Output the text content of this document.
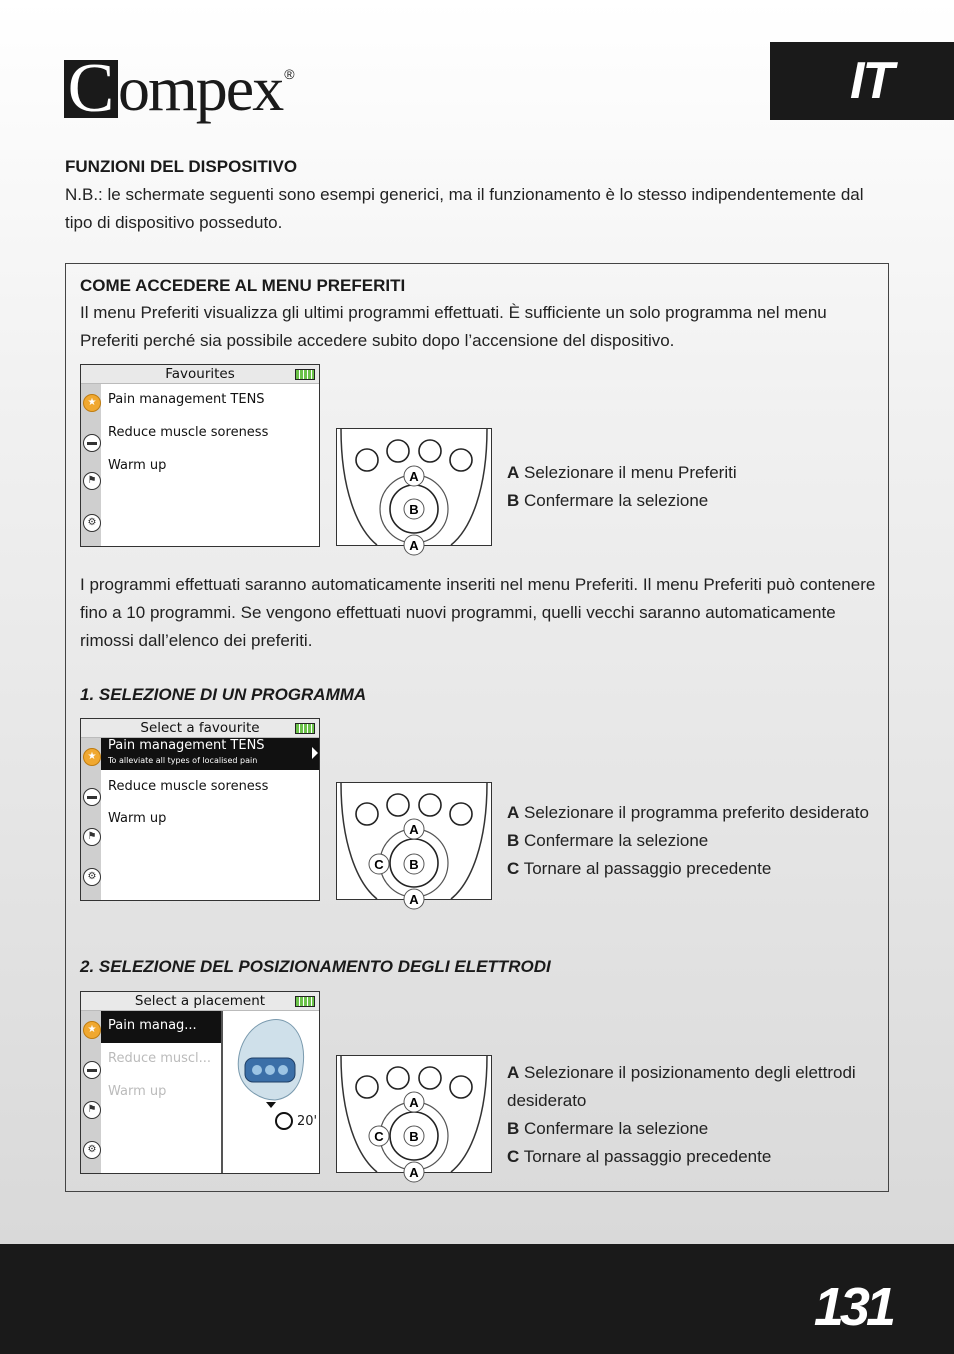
C ompex ®	IT
FUNZIONI DEL DISPOSITIVO
N.B.: le schermate seguenti sono esempi generici, ma il funzionamento è lo stesso indipendentemente dal tipo di dispositivo posseduto.
COME ACCEDERE AL MENU PREFERITI
Il menu Preferiti visualizza gli ultimi programmi effettuati. È sufficiente un solo programma nel menu Preferiti perché sia possibile accedere subito dopo l’accensione del dispositivo.
Favourites
★
▬
⚑
⚙
Pain management TENS
Reduce muscle soreness
Warm up
A
B
A
A Selezionare il menu Preferiti
B Confermare la selezione
I programmi effettuati saranno automaticamente inseriti nel menu Preferiti. Il menu Preferiti può contenere fino a 10 programmi. Se vengono effettuati nuovi programmi, quelli vecchi saranno automaticamente rimossi dall’elenco dei preferiti.
1. SELEZIONE DI UN PROGRAMMA
Select a favourite
★
▬
⚑
⚙
Pain management TENS
To alleviate all types of localised pain
Reduce muscle soreness
Warm up
A
B
C
A
A Selezionare il programma preferito desiderato
B Confermare la selezione
C Tornare al passaggio precedente
2. SELEZIONE DEL POSIZIONAMENTO DEGLI ELETTRODI
Select a placement
★
▬
⚑
⚙
Pain manag...
Reduce muscl...
Warm up
20'
A
B
C
A
A Selezionare il posizionamento degli elettrodi desiderato
B Confermare la selezione
C Tornare al passaggio precedente
131
